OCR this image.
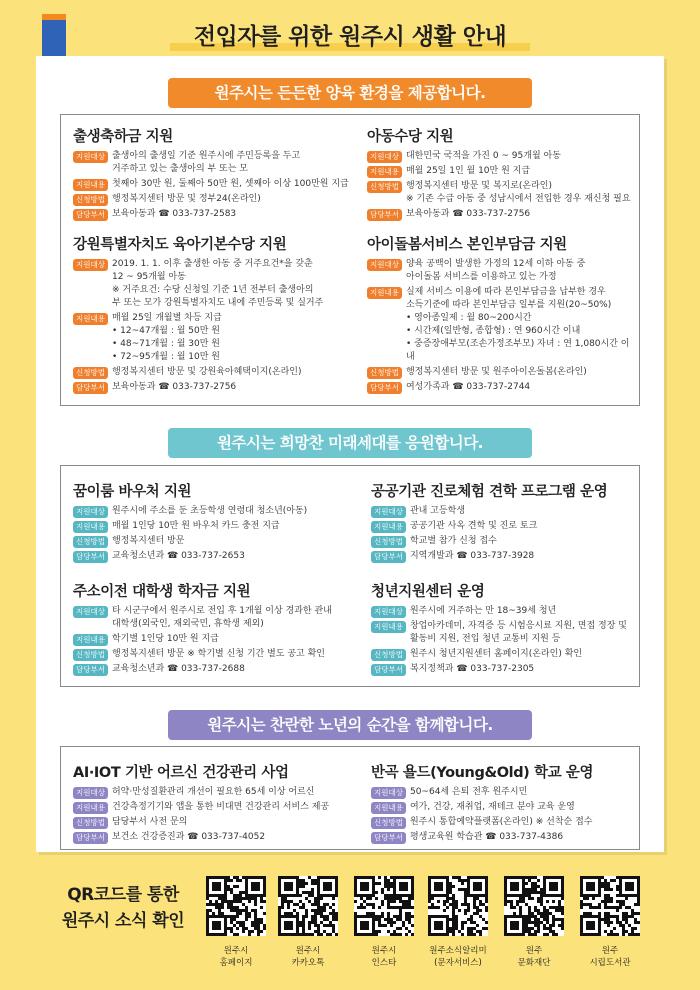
전입자를 위한 원주시 생활 안내
원주시는 든든한 양육 환경을 제공합니다.
출생축하금 지원
지원대상 출생아의 출생일 기준 원주시에 주민등록을 두고
거주하고 있는 출생아의 부 또는 모
지원내용 첫째아 30만 원, 둘째아 50만 원, 셋째아 이상 100만원 지급
신청방법 행정복지센터 방문 및 정부24(온라인)
담당부서 보육아동과 ☎ 033-737-2583
아동수당 지원
지원대상 대한민국 국적을 가진 0 ~ 95개월 아동
지원내용 매월 25일 1인 월 10만 원 지급
신청방법 행정복지센터 방문 및 복지로(온라인)
※ 기존 수급 아동 중 성남시에서 전입한 경우 재신청 필요
담당부서 보육아동과 ☎ 033-737-2756
강원특별자치도 육아기본수당 지원
지원대상 2019. 1. 1. 이후 출생한 아동 중 거주요건*을 갖춘
12 ~ 95개월 아동
※ 거주요건: 수당 신청일 기준 1년 전부터 출생아의
부 또는 모가 강원특별자치도 내에 주민등록 및 실거주
지원내용 매월 25일 개월별 차등 지급
• 12~47개월 : 월 50만 원
• 48~71개월 : 월 30만 원
• 72~95개월 : 월 10만 원
신청방법 행정복지센터 방문 및 강원육아혜택이지(온라인)
담당부서 보육아동과 ☎ 033-737-2756
아이돌봄서비스 본인부담금 지원
지원대상 양육 공백이 발생한 가정의 12세 이하 아동 중
아이돌봄 서비스를 이용하고 있는 가정
지원내용 실제 서비스 이용에 따라 본인부담금을 납부한 경우
소득기준에 따라 본인부담금 일부를 지원(20~50%)
• 영아종일제 : 월 80~200시간
• 시간제(일반형, 종합형) : 연 960시간 이내
• 중증장애부모(조손가정조부모) 자녀 : 연 1,080시간 이내
신청방법 행정복지센터 방문 및 원주아이온돌봄(온라인)
담당부서 여성가족과 ☎ 033-737-2744
원주시는 희망찬 미래세대를 응원합니다.
꿈이룸 바우처 지원
지원대상 원주시에 주소를 둔 초등학생 연령대 청소년(아동)
지원내용 매월 1인당 10만 원 바우처 카드 충전 지급
신청방법 행정복지센터 방문
담당부서 교육청소년과 ☎ 033-737-2653
공공기관 진로체험 견학 프로그램 운영
지원대상 관내 고등학생
지원내용 공공기관 사옥 견학 및 진로 토크
신청방법 학교별 참가 신청 접수
담당부서 지역개발과 ☎ 033-737-3928
주소이전 대학생 학자금 지원
지원대상 타 시군구에서 원주시로 전입 후 1개월 이상 경과한 관내
대학생(외국인, 재외국민, 휴학생 제외)
지원내용 학기별 1인당 10만 원 지급
신청방법 행정복지센터 방문 ※ 학기별 신청 기간 별도 공고 확인
담당부서 교육청소년과 ☎ 033-737-2688
청년지원센터 운영
지원대상 원주시에 거주하는 만 18~39세 청년
지원내용 창업아카데미, 자격증 등 시험응시료 지원, 면접 정장 및
활동비 지원, 전입 청년 교통비 지원 등
신청방법 원주시 청년지원센터 홈페이지(온라인) 확인
담당부서 복지정책과 ☎ 033-737-2305
원주시는 찬란한 노년의 순간을 함께합니다.
AI·IOT 기반 어르신 건강관리 사업
지원대상 허약·만성질환관리 개선이 필요한 65세 이상 어르신
지원내용 건강측정기기와 앱을 통한 비대면 건강관리 서비스 제공
신청방법 담당부서 사전 문의
담당부서 보건소 건강증진과 ☎ 033-737-4052
반곡 욜드(Young&Old) 학교 운영
지원대상 50~64세 은퇴 전후 원주시민
지원내용 여가, 건강, 재취업, 재테크 분야 교육 운영
신청방법 원주시 통합예약플랫폼(온라인) ※ 선착순 접수
담당부서 평생교육원 학습관 ☎ 033-737-4386
QR코드를 통한
원주시 소식 확인
원주시
홈페이지
원주시
카카오톡
원주시
인스타
원주소식알리미
(문자서비스)
원주
문화재단
원주
시립도서관
